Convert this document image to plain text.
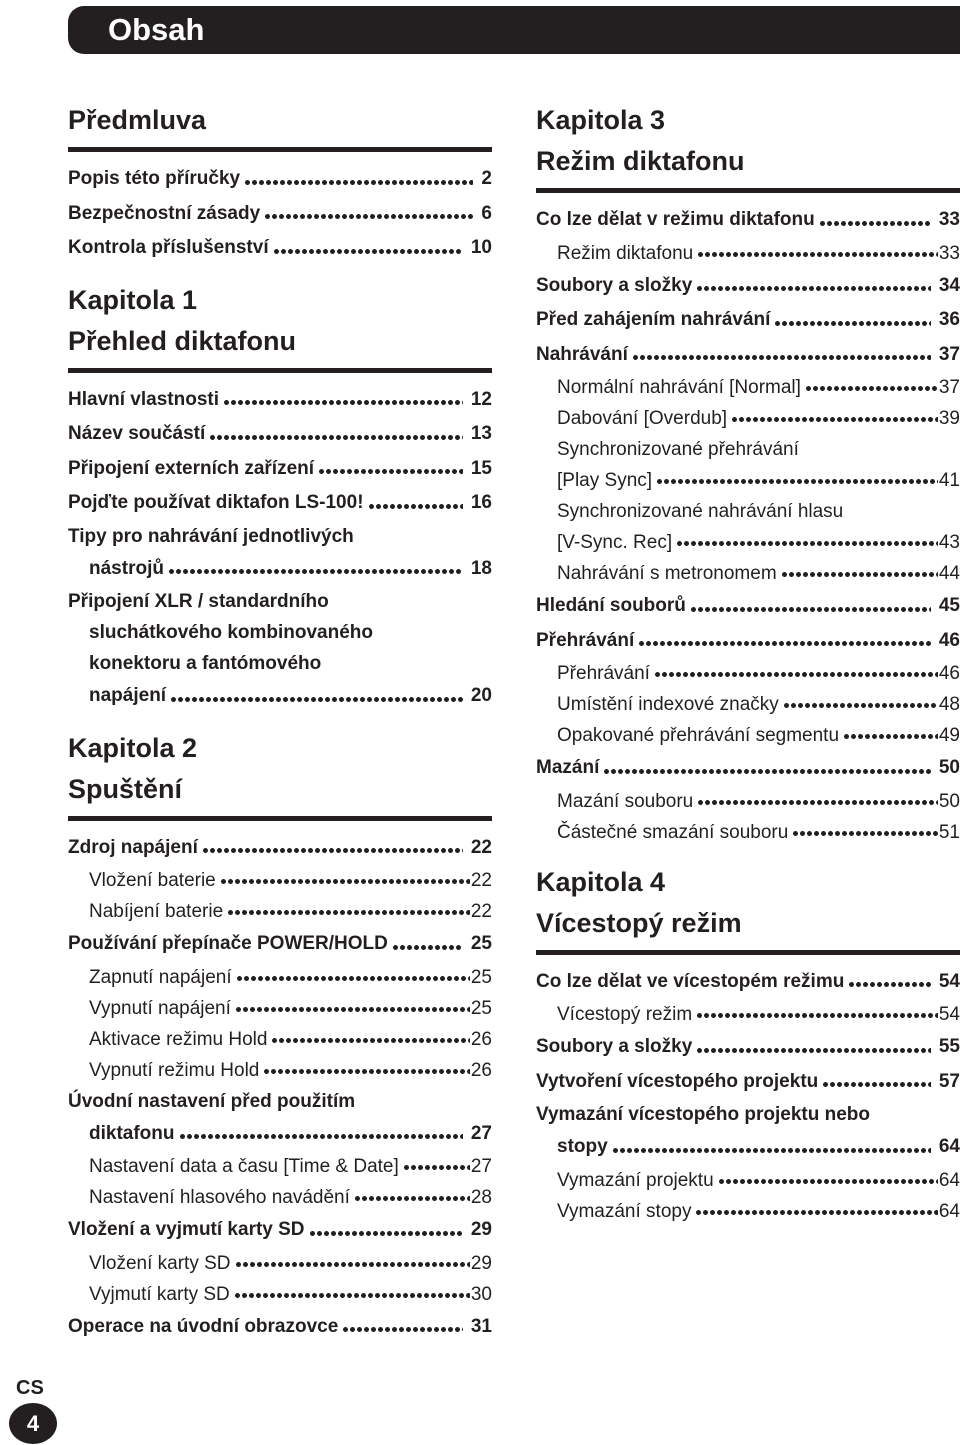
Obsah
Předmluva
Popis této příručky	2
Bezpečnostní zásady	6
Kontrola příslušenství	10
Kapitola 1
Přehled diktafonu
Hlavní vlastnosti	12
Název součástí	13
Připojení externích zařízení	15
Pojďte používat diktafon LS-100!	16
Tipy pro nahrávání jednotlivých
nástrojů	18
Připojení XLR / standardního
sluchátkového kombinovaného
konektoru a fantómového
napájení	20
Kapitola 2
Spuštění
Zdroj napájení	22
Vložení baterie	22
Nabíjení baterie	22
Používání přepínače POWER/HOLD	25
Zapnutí napájení	25
Vypnutí napájení	25
Aktivace režimu Hold	26
Vypnutí režimu Hold	26
Úvodní nastavení před použitím
diktafonu	27
Nastavení data a času [Time & Date]	27
Nastavení hlasového navádění	28
Vložení a vyjmutí karty SD	29
Vložení karty SD	29
Vyjmutí karty SD	30
Operace na úvodní obrazovce	31
Kapitola 3
Režim diktafonu
Co lze dělat v režimu diktafonu	33
Režim diktafonu	33
Soubory a složky	34
Před zahájením nahrávání	36
Nahrávání	37
Normální nahrávání [Normal]	37
Dabování [Overdub]	39
Synchronizované přehrávání
[Play Sync]	41
Synchronizované nahrávání hlasu
[V-Sync. Rec]	43
Nahrávání s metronomem	44
Hledání souborů	45
Přehrávání	46
Přehrávání	46
Umístění indexové značky	48
Opakované přehrávání segmentu	49
Mazání	50
Mazání souboru	50
Částečné smazání souboru	51
Kapitola 4
Vícestopý režim
Co lze dělat ve vícestopém režimu	54
Vícestopý režim	54
Soubory a složky	55
Vytvoření vícestopého projektu	57
Vymazání vícestopého projektu nebo
stopy	64
Vymazání projektu	64
Vymazání stopy	64
CS
4
